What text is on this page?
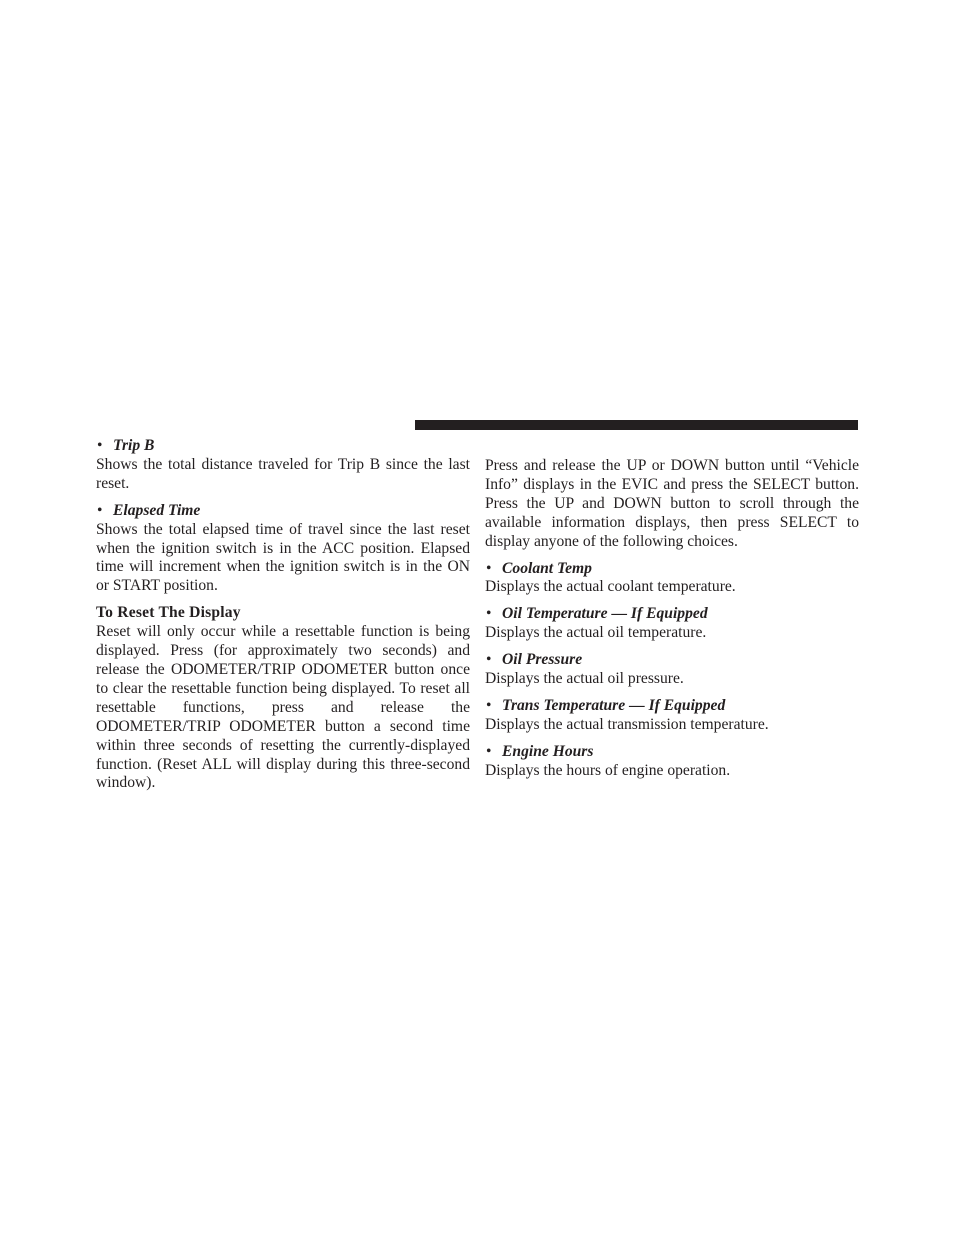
• Trip B
Shows the total distance traveled for Trip B since the last reset.
• Elapsed Time
Shows the total elapsed time of travel since the last reset when the ignition switch is in the ACC position. Elapsed time will increment when the ignition switch is in the ON or START position.
To Reset The Display
Reset will only occur while a resettable function is being displayed. Press (for approximately two seconds) and release the ODOMETER/TRIP ODOMETER button once to clear the resettable function being displayed. To reset all resettable functions, press and release the ODOMETER/TRIP ODOMETER button a second time within three seconds of resetting the currently-displayed function. (Reset ALL will display during this three-second window).
Press and release the UP or DOWN button until “Vehicle Info” displays in the EVIC and press the SELECT button. Press the UP and DOWN button to scroll through the available information displays, then press SELECT to display anyone of the following choices.
• Coolant Temp
Displays the actual coolant temperature.
• Oil Temperature — If Equipped
Displays the actual oil temperature.
• Oil Pressure
Displays the actual oil pressure.
• Trans Temperature — If Equipped
Displays the actual transmission temperature.
• Engine Hours
Displays the hours of engine operation.
